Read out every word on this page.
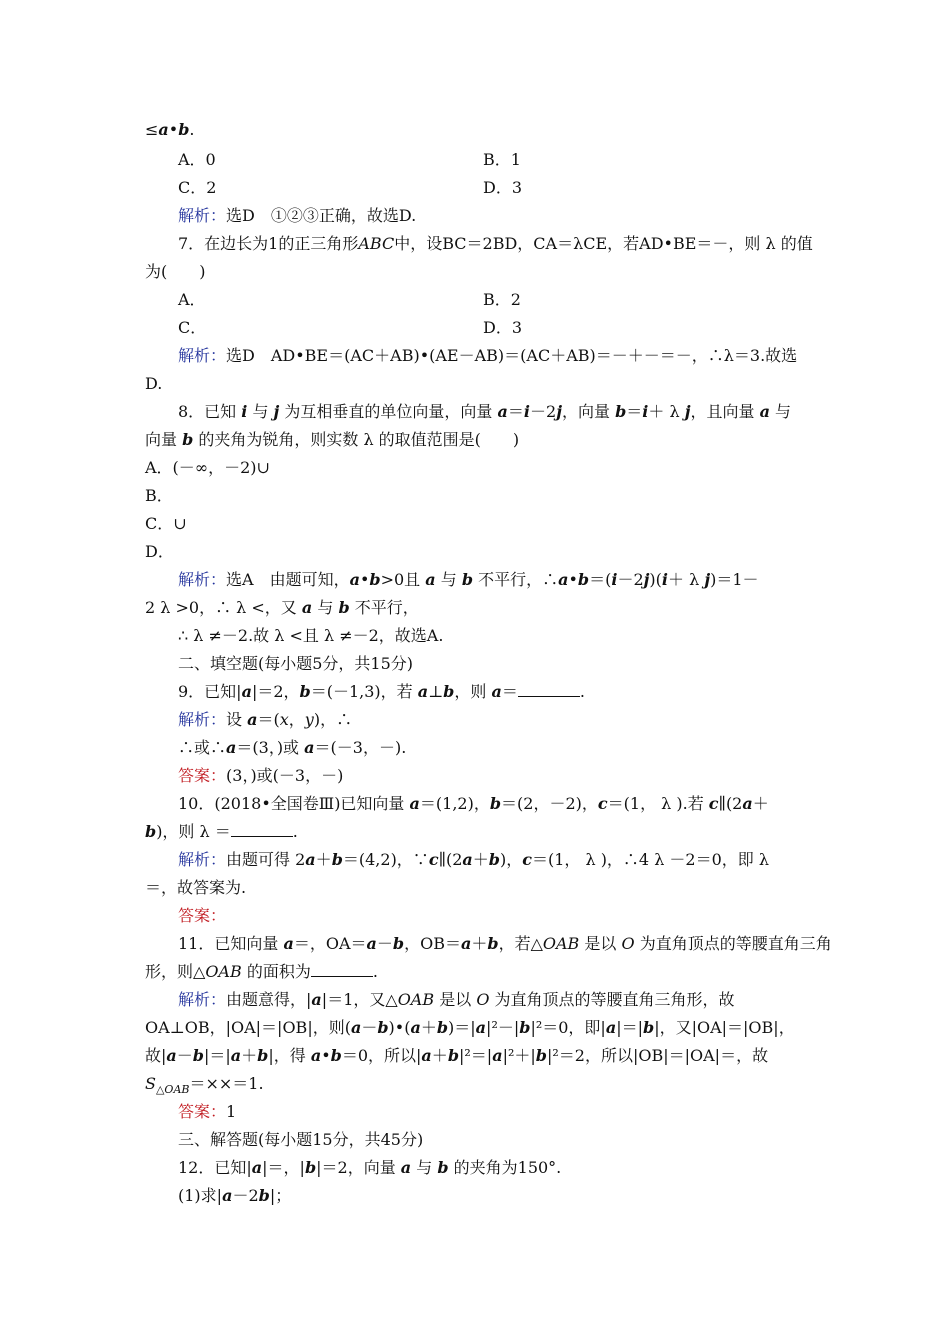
≤a•b.
A．0	B．1
C．2	D．3
解析：选D　①②③正确，故选D.
7．在边长为1的正三角形ABC中，设BC＝2BD，CA＝λCE，若AD•BE＝－，则 λ 的值
为(　　)
A．	B．2
C．	D．3
解析：选D　AD•BE＝(AC＋AB)•(AE－AB)＝(AC＋AB)＝－＋－＝－，∴λ＝3.故选
D.
8．已知 i 与 j 为互相垂直的单位向量，向量 a＝i－2j，向量 b＝i＋ λ j，且向量 a 与
向量 b 的夹角为锐角，则实数 λ 的取值范围是(　　)
A．(－∞，－2)∪
B．
C．∪
D．
解析：选A　由题可知，a•b>0且 a 与 b 不平行，∴a•b＝(i－2j)(i＋ λ j)＝1－
2 λ >0，∴ λ <，又 a 与 b 不平行，
∴ λ ≠－2.故 λ <且 λ ≠－2，故选A.
二、填空题(每小题5分，共15分)
9．已知|a|＝2，b＝(－1,3)，若 a⊥b，则 a＝	.
解析：设 a＝(x，y)，∴
∴或∴a＝(3，)或 a＝(－3，－).
答案：(3，)或(－3，－)
10．(2018•全国卷Ⅲ)已知向量 a＝(1,2)，b＝(2，－2)，c＝(1， λ ).若 c∥(2a＋
b)，则 λ ＝	.
解析：由题可得 2a＋b＝(4,2)，∵c∥(2a＋b)，c＝(1， λ )，∴4 λ －2＝0，即 λ
＝，故答案为.
答案：
11．已知向量 a＝，OA＝a－b，OB＝a＋b，若△OAB 是以 O 为直角顶点的等腰直角三角
形，则△OAB 的面积为	.
解析：由题意得，|a|＝1，又△OAB 是以 O 为直角顶点的等腰直角三角形，故
OA⊥OB，|OA|＝|OB|，则(a－b)•(a＋b)＝|a|²－|b|²＝0，即|a|＝|b|，又|OA|＝|OB|，
故|a－b|＝|a＋b|，得 a•b＝0，所以|a＋b|²＝|a|²＋|b|²＝2，所以|OB|＝|OA|＝，故
$S_{\triangle OAB}=\times\times=1$.
答案：1
三、解答题(每小题15分，共45分)
12．已知|a|＝，|b|＝2，向量 a 与 b 的夹角为150°.
(1)求|a－2b|；
